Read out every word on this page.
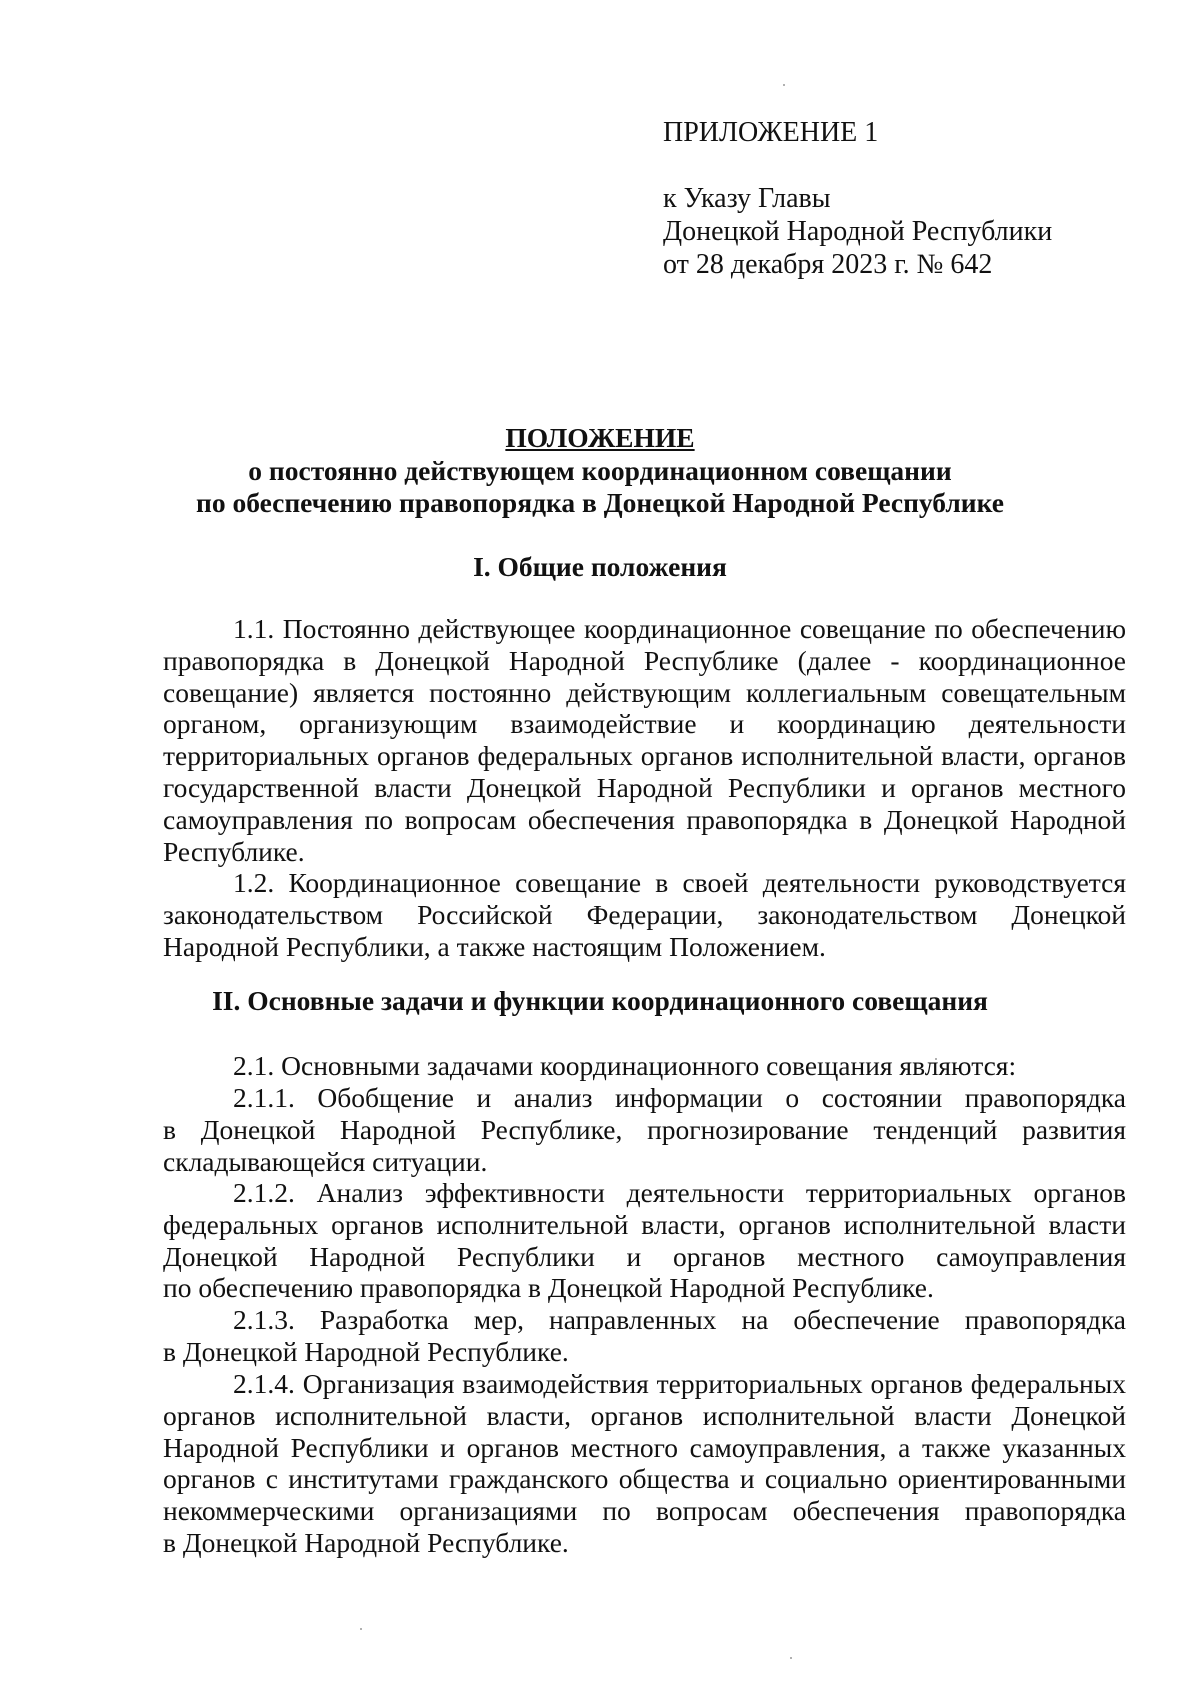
ПРИЛОЖЕНИЕ 1
к Указу Главы
Донецкой Народной Республики
от 28 декабря 2023 г. № 642
ПОЛОЖЕНИЕ
о постоянно действующем координационном совещании
по обеспечению правопорядка в Донецкой Народной Республике
I. Общие положения
1.1. Постоянно действующее координационное совещание по обеспечению
правопорядка в Донецкой Народной Республике (далее - координационное
совещание) является постоянно действующим коллегиальным совещательным
органом, организующим взаимодействие и координацию деятельности
территориальных органов федеральных органов исполнительной власти, органов
государственной власти Донецкой Народной Республики и органов местного
самоуправления по вопросам обеспечения правопорядка в Донецкой Народной
Республике.
1.2. Координационное совещание в своей деятельности руководствуется
законодательством Российской Федерации, законодательством Донецкой
Народной Республики, а также настоящим Положением.
II. Основные задачи и функции координационного совещания
2.1. Основными задачами координационного совещания являются:
2.1.1. Обобщение и анализ информации о состоянии правопорядка
в Донецкой Народной Республике, прогнозирование тенденций развития
складывающейся ситуации.
2.1.2. Анализ эффективности деятельности территориальных органов
федеральных органов исполнительной власти, органов исполнительной власти
Донецкой Народной Республики и органов местного самоуправления
по обеспечению правопорядка в Донецкой Народной Республике.
2.1.3. Разработка мер, направленных на обеспечение правопорядка
в Донецкой Народной Республике.
2.1.4. Организация взаимодействия территориальных органов федеральных
органов исполнительной власти, органов исполнительной власти Донецкой
Народной Республики и органов местного самоуправления, а также указанных
органов с институтами гражданского общества и социально ориентированными
некоммерческими организациями по вопросам обеспечения правопорядка
в Донецкой Народной Республике.
